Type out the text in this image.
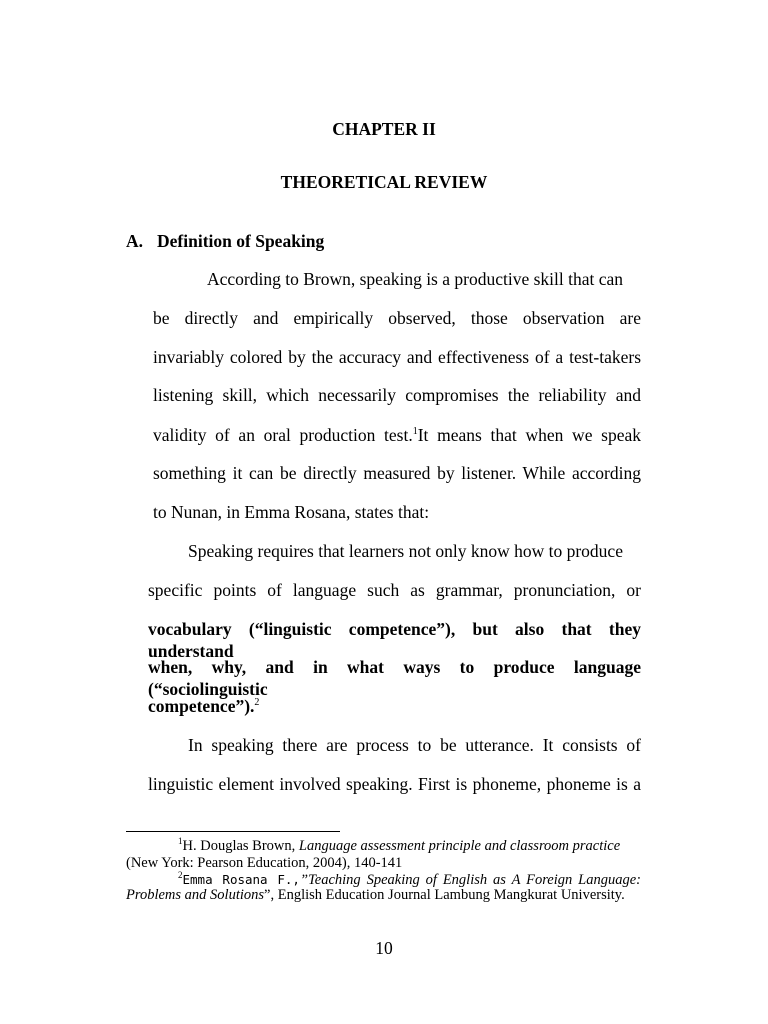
CHAPTER II
THEORETICAL REVIEW
A. Definition of Speaking
According to Brown, speaking is a productive skill that can
be directly and empirically observed, those observation are
invariably colored by the accuracy and effectiveness of a test-takers
listening skill, which necessarily compromises the reliability and
validity of an oral production test.$^1$It means that when we speak
something it can be directly measured by listener. While according
to Nunan, in Emma Rosana, states that:
Speaking requires that learners not only know how to produce
specific points of language such as grammar, pronunciation, or
vocabulary (“linguistic competence”), but also that they understand
when, why, and in what ways to produce language (“sociolinguistic
competence”).$^2$
In speaking there are process to be utterance. It consists of
linguistic element involved speaking. First is phoneme, phoneme is a
$^1$H. Douglas Brown, Language assessment principle and classroom practice
(New York: Pearson Education, 2004), 140-141
$^2$Emma Rosana F.,”Teaching Speaking of English as A Foreign Language:
Problems and Solutions”, English Education Journal Lambung Mangkurat University.
10
